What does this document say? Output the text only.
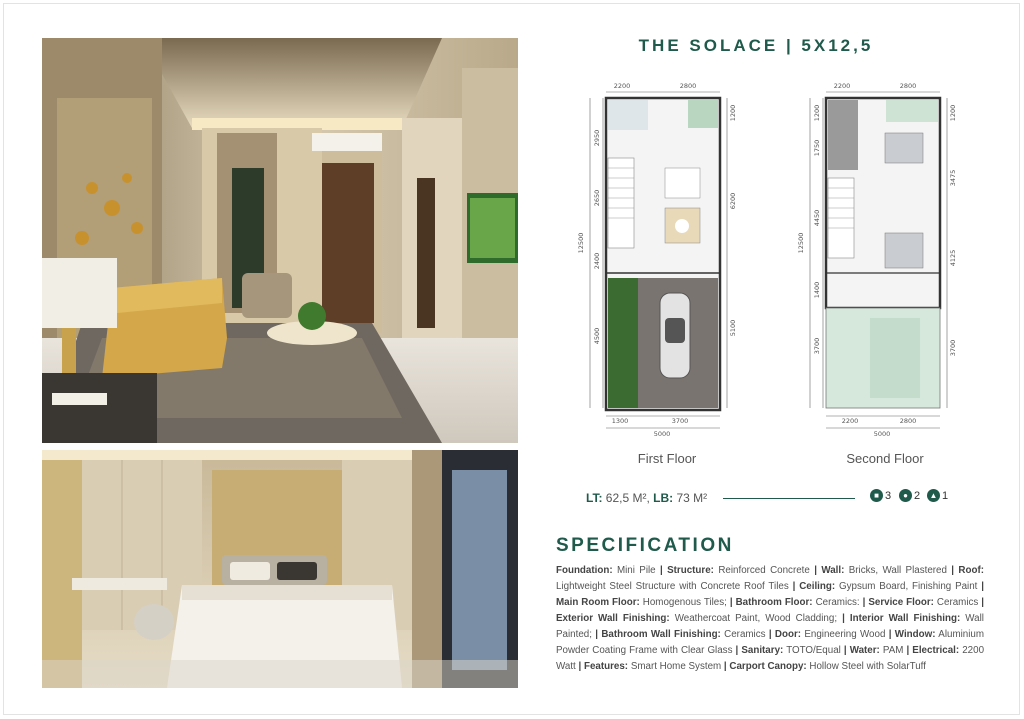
THE SOLACE | 5X12,5
2200	2800
1300	3700
5000
2950
2650
2400
4500
12500
1200
6200
5100
2200	2800
2200	2800
5000
1200
1750
4450
1400
3700
12500
1200
3475
4125
3700
First Floor	Second Floor
LT: 62,5 M², LB: 73 M²	■ 3	● 2	▲ 1
SPECIFICATION
Foundation: Mini Pile | Structure: Reinforced Concrete | Wall: Bricks, Wall Plastered | Roof: Lightweight Steel Structure with Concrete Roof Tiles | Ceiling: Gypsum Board, Finishing Paint | Main Room Floor: Homogenous Tiles; | Bathroom Floor: Ceramics: | Service Floor: Ceramics | Exterior Wall Finishing: Weathercoat Paint, Wood Cladding; | Interior Wall Finishing: Wall Painted; | Bathroom Wall Finishing: Ceramics | Door: Engineering Wood | Window: Aluminium Powder Coating Frame with Clear Glass | Sanitary: TOTO/Equal | Water: PAM | Electrical: 2200 Watt | Features: Smart Home System | Carport Canopy: Hollow Steel with SolarTuff
